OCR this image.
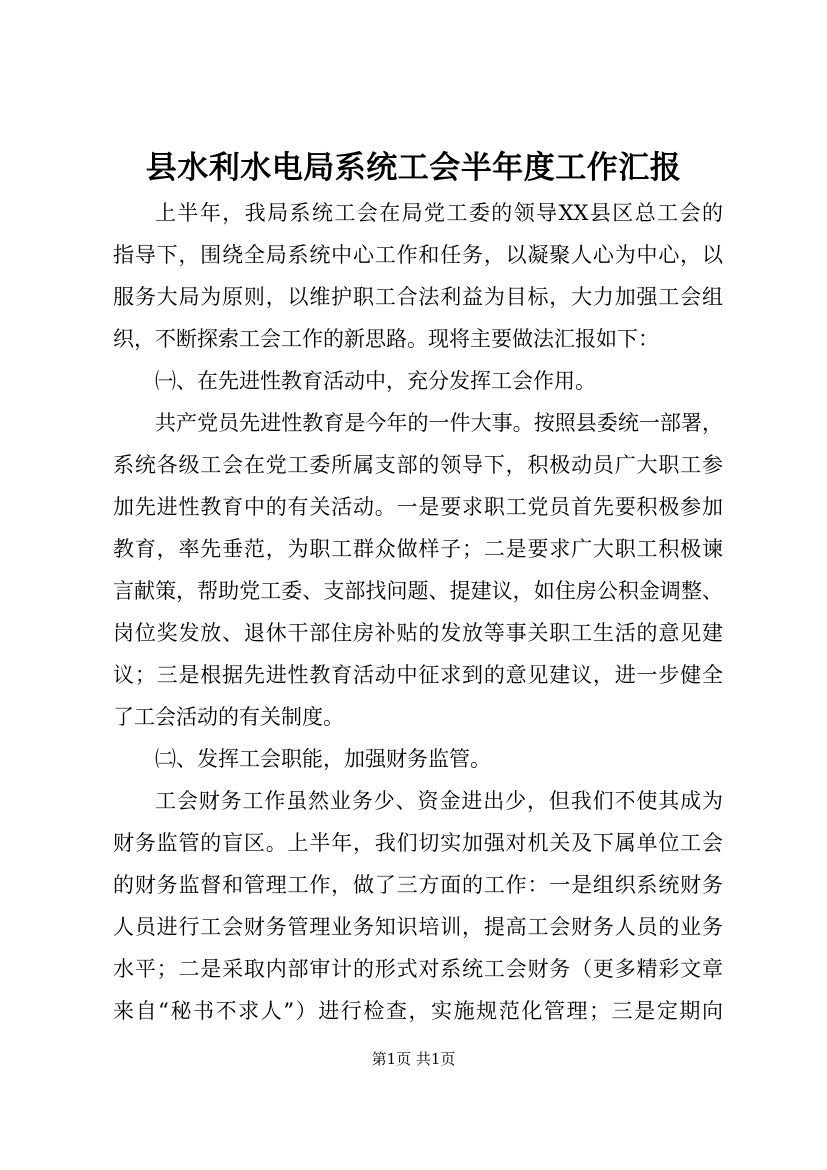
县水利水电局系统工会半年度工作汇报
上半年，我局系统工会在局党工委的领导XX县区总工会的
指导下，围绕全局系统中心工作和任务，以凝聚人心为中心，以
服务大局为原则，以维护职工合法利益为目标，大力加强工会组
织，不断探索工会工作的新思路。现将主要做法汇报如下：
㈠、在先进性教育活动中，充分发挥工会作用。
共产党员先进性教育是今年的一件大事。按照县委统一部署，
系统各级工会在党工委所属支部的领导下，积极动员广大职工参
加先进性教育中的有关活动。一是要求职工党员首先要积极参加
教育，率先垂范，为职工群众做样子；二是要求广大职工积极谏
言献策，帮助党工委、支部找问题、提建议，如住房公积金调整、
岗位奖发放、退休干部住房补贴的发放等事关职工生活的意见建
议；三是根据先进性教育活动中征求到的意见建议，进一步健全
了工会活动的有关制度。
㈡、发挥工会职能，加强财务监管。
工会财务工作虽然业务少、资金进出少，但我们不使其成为
财务监管的盲区。上半年，我们切实加强对机关及下属单位工会
的财务监督和管理工作，做了三方面的工作：一是组织系统财务
人员进行工会财务管理业务知识培训，提高工会财务人员的业务
水平；二是采取内部审计的形式对系统工会财务（更多精彩文章
来自“秘书不求人”）进行检查，实施规范化管理；三是定期向
第1页 共1页
